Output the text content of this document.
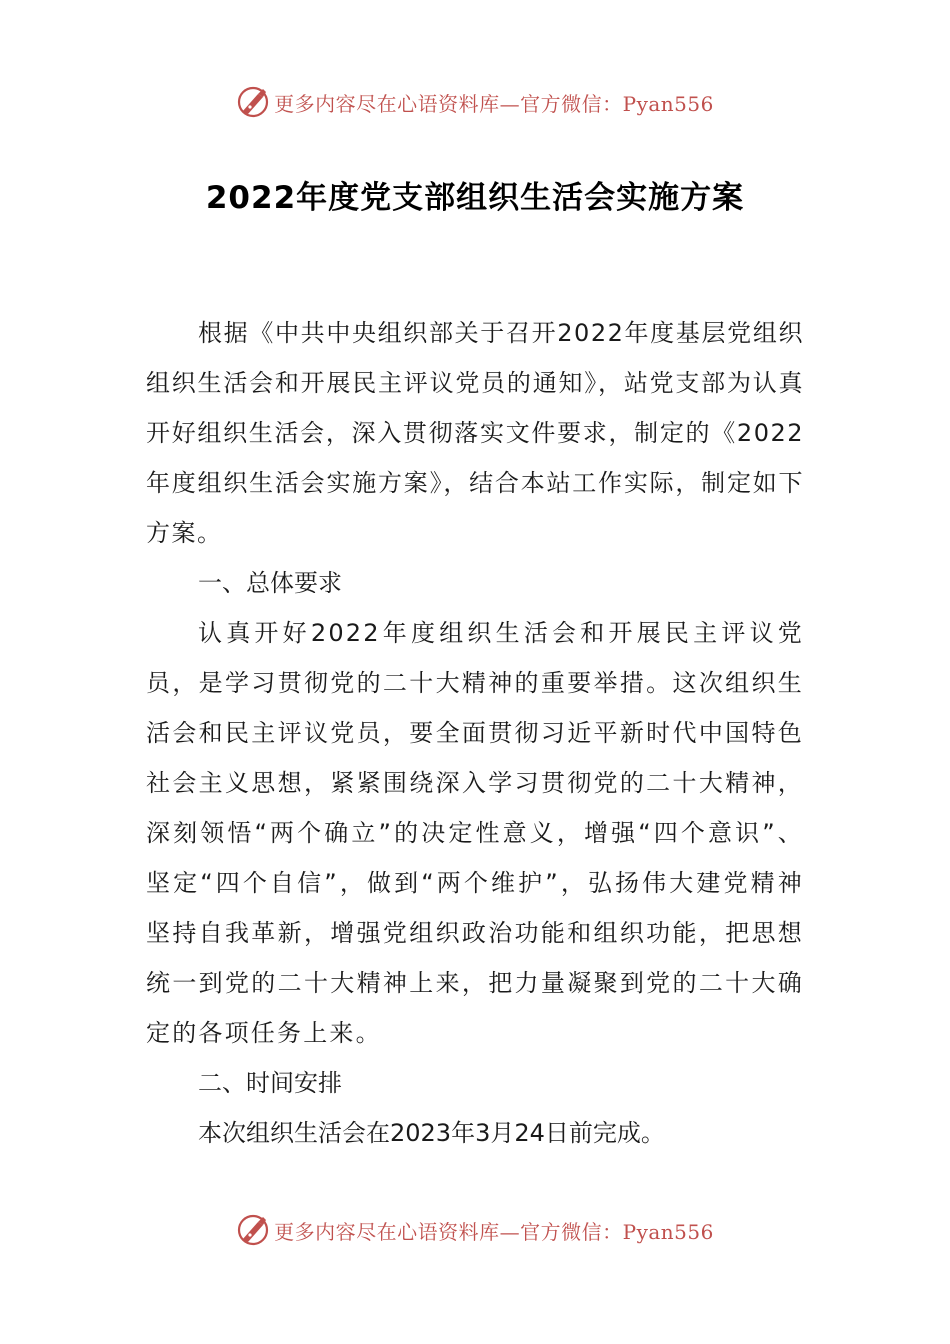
更多内容尽在心语资料库—官方微信：Pyan556
2022年度党支部组织生活会实施方案

根据《中共中央组织部关于召开2022年度基层党组织组织生活会和开展民主评议党员的通知》，站党支部为认真开好组织生活会，深入贯彻落实文件要求，制定的《2022年度组织生活会实施方案》，结合本站工作实际，制定如下方案。

一、总体要求

认真开好2022年度组织生活会和开展民主评议党员，是学习贯彻党的二十大精神的重要举措。这次组织生活会和民主评议党员，要全面贯彻习近平新时代中国特色社会主义思想，紧紧围绕深入学习贯彻党的二十大精神，深刻领悟“两个确立”的决定性意义，增强“四个意识”、坚定“四个自信”，做到“两个维护”，弘扬伟大建党精神坚持自我革新，增强党组织政治功能和组织功能，把思想统一到党的二十大精神上来，把力量凝聚到党的二十大确定的各项任务上来。

二、时间安排

本次组织生活会在2023年3月24日前完成。

更多内容尽在心语资料库—官方微信：Pyan556
